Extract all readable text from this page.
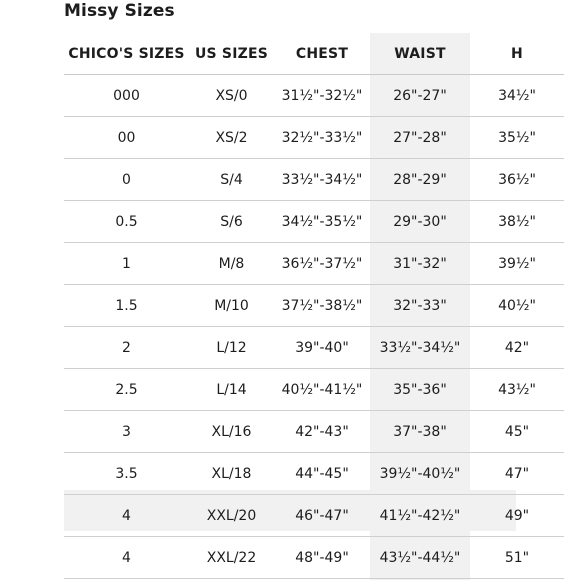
Missy Sizes
CHICO'S SIZES	US SIZES	CHEST	WAIST	H
000	XS/0	31½"-32½"	26"-27"	34½"
00	XS/2	32½"-33½"	27"-28"	35½"
0	S/4	33½"-34½"	28"-29"	36½"
0.5	S/6	34½"-35½"	29"-30"	38½"
1	M/8	36½"-37½"	31"-32"	39½"
1.5	M/10	37½"-38½"	32"-33"	40½"
2	L/12	39"-40"	33½"-34½"	42"
2.5	L/14	40½"-41½"	35"-36"	43½"
3	XL/16	42"-43"	37"-38"	45"
3.5	XL/18	44"-45"	39½"-40½"	47"
4	XXL/20	46"-47"	41½"-42½"	49"
4	XXL/22	48"-49"	43½"-44½"	51"
